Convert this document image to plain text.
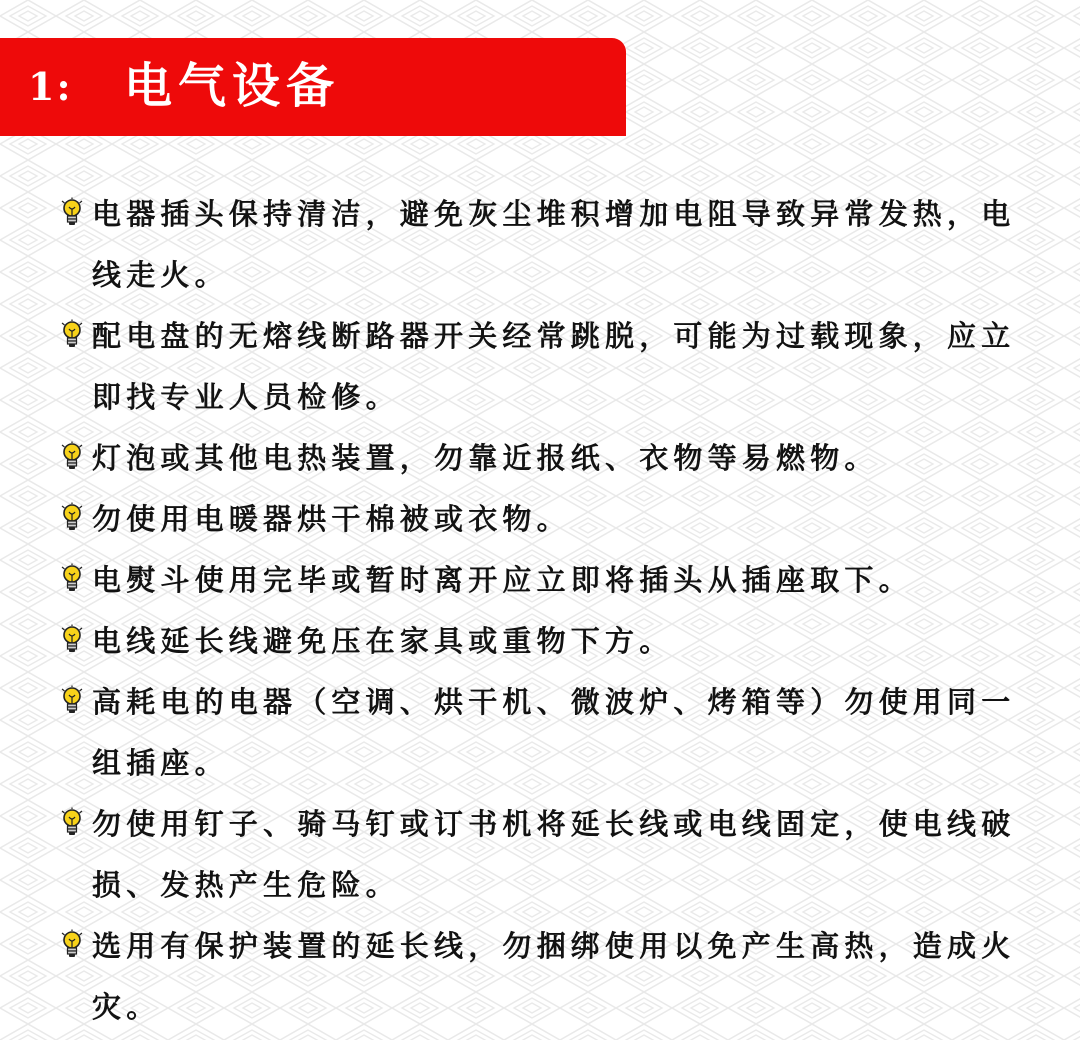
1: 电气设备
电器插头保持清洁，避免灰尘堆积增加电阻导致异常发热，电线走火。
配电盘的无熔线断路器开关经常跳脱，可能为过载现象，应立即找专业人员检修。
灯泡或其他电热装置，勿靠近报纸、衣物等易燃物。
勿使用电暖器烘干棉被或衣物。
电熨斗使用完毕或暂时离开应立即将插头从插座取下。
电线延长线避免压在家具或重物下方。
高耗电的电器（空调、烘干机、微波炉、烤箱等）勿使用同一组插座。
勿使用钉子、骑马钉或订书机将延长线或电线固定，使电线破损、发热产生危险。
选用有保护装置的延长线，勿捆绑使用以免产生高热，造成火灾。
